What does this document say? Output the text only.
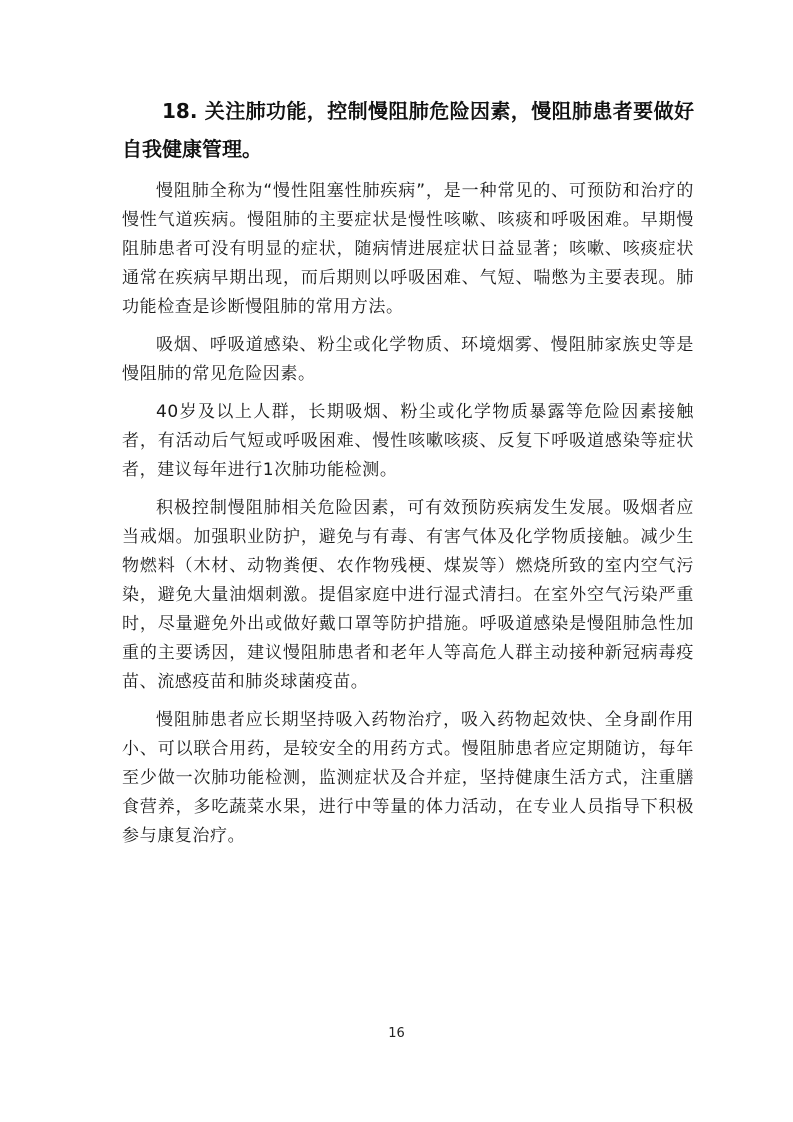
18. 关注肺功能，控制慢阻肺危险因素，慢阻肺患者要做好自我健康管理。

慢阻肺全称为“慢性阻塞性肺疾病”，是一种常见的、可预防和治疗的慢性气道疾病。慢阻肺的主要症状是慢性咳嗽、咳痰和呼吸困难。早期慢阻肺患者可没有明显的症状，随病情进展症状日益显著；咳嗽、咳痰症状通常在疾病早期出现，而后期则以呼吸困难、气短、喘憋为主要表现。肺功能检查是诊断慢阻肺的常用方法。

吸烟、呼吸道感染、粉尘或化学物质、环境烟雾、慢阻肺家族史等是慢阻肺的常见危险因素。

40岁及以上人群，长期吸烟、粉尘或化学物质暴露等危险因素接触者，有活动后气短或呼吸困难、慢性咳嗽咳痰、反复下呼吸道感染等症状者，建议每年进行1次肺功能检测。

积极控制慢阻肺相关危险因素，可有效预防疾病发生发展。吸烟者应当戒烟。加强职业防护，避免与有毒、有害气体及化学物质接触。减少生物燃料（木材、动物粪便、农作物残梗、煤炭等）燃烧所致的室内空气污染，避免大量油烟刺激。提倡家庭中进行湿式清扫。在室外空气污染严重时，尽量避免外出或做好戴口罩等防护措施。呼吸道感染是慢阻肺急性加重的主要诱因，建议慢阻肺患者和老年人等高危人群主动接种新冠病毒疫苗、流感疫苗和肺炎球菌疫苗。

慢阻肺患者应长期坚持吸入药物治疗，吸入药物起效快、全身副作用小、可以联合用药，是较安全的用药方式。慢阻肺患者应定期随访，每年至少做一次肺功能检测，监测症状及合并症，坚持健康生活方式，注重膳食营养，多吃蔬菜水果，进行中等量的体力活动，在专业人员指导下积极参与康复治疗。

16
